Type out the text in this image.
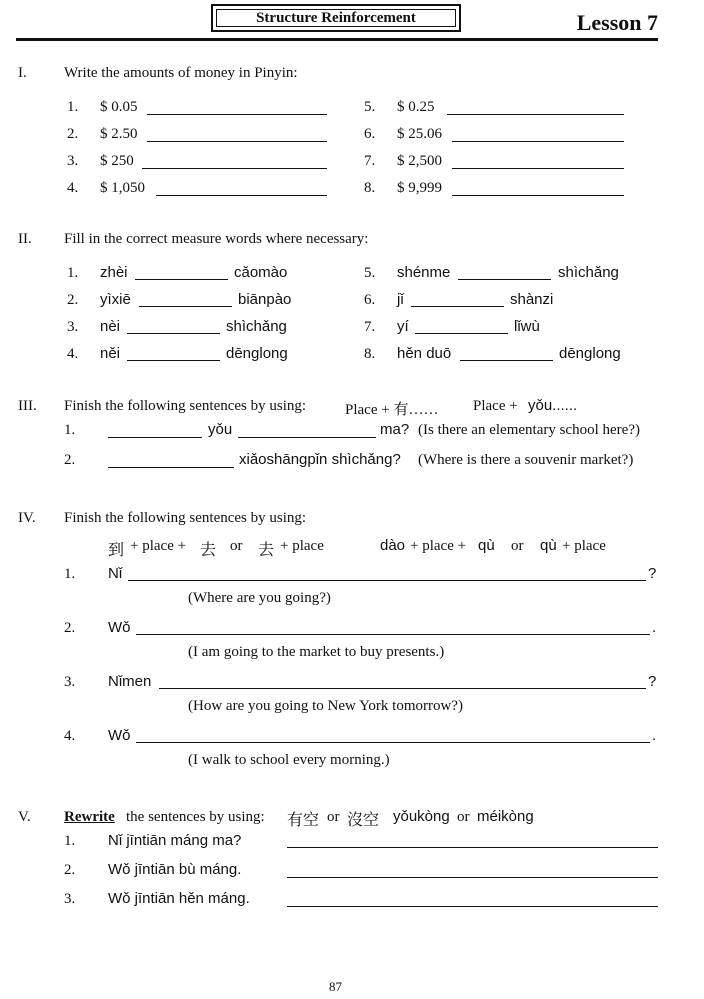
Structure Reinforcement	Lesson 7
I. Write the amounts of money in Pinyin:
1. $ 0.05
2. $ 2.50
3. $ 250
4. $ 1,050
5. $ 0.25
6. $ 25.06
7. $ 2,500
8. $ 9,999
II. Fill in the correct measure words where necessary:
1. zhèi	cǎomào
2. yìxiē	biānpào
3. nèi	shìchǎng
4. něi	dēnglong
5. shénme	shìchǎng
6. jǐ	shànzi
7. yí	lǐwù
8. hěn duō	dēnglong
III. Finish the following sentences by using:	Place + 有…… Place + yǒu......
1.	yǒu	ma? (Is there an elementary school here?)
2.	xiǎoshāngpǐn shìchǎng? (Where is there a souvenir market?)
IV. Finish the following sentences by using:
到 + place + 去 or 去 + place	dào + place + qù or qù + place
1. Nǐ	?
(Where are you going?)
2. Wǒ	.
(I am going to the market to buy presents.)
3. Nǐmen	?
(How are you going to New York tomorrow?)
4. Wǒ	.
(I walk to school every morning.)
V. Rewrite the sentences by using: 有空 or 沒空 yǒukòng or méikòng
1. Nǐ jīntiān máng ma?
2. Wǒ jīntiān bù máng.
3. Wǒ jīntiān hěn máng.
87
